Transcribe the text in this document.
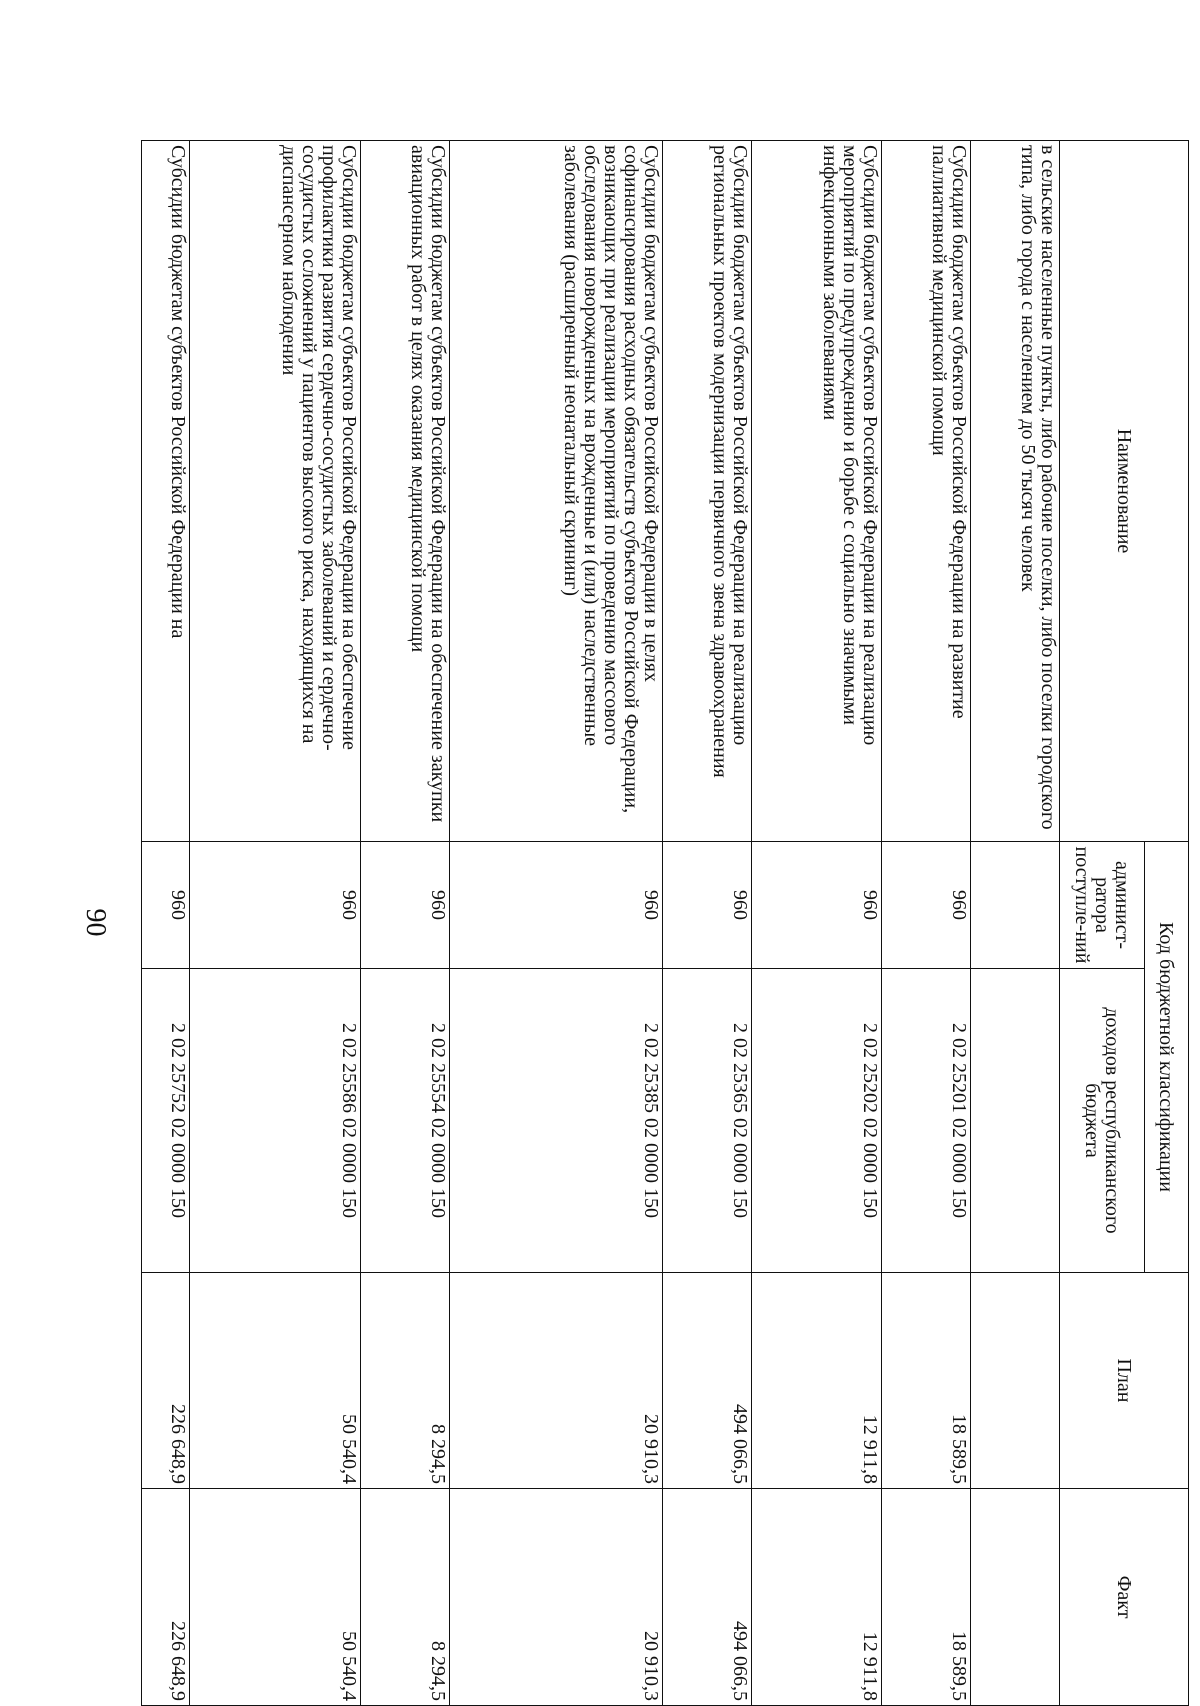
90
Наименование	Код бюджетной классификации		План	Факт
	админист-ратора поступле-ний	доходов республиканского бюджета		
в сельские населенные пункты, либо рабочие поселки, либо поселки городского типа, либо города с населением до 50 тысяч человек				
Субсидии бюджетам субъектов Российской Федерации на развитие паллиативной медицинской помощи	960	2 02 25201 02 0000 150	18 589,5	18 589,5
Субсидии бюджетам субъектов Российской Федерации на реализацию мероприятий по предупреждению и борьбе с социально значимыми инфекционными заболеваниями	960	2 02 25202 02 0000 150	12 911,8	12 911,8
Субсидии бюджетам субъектов Российской Федерации на реализацию региональных проектов модернизации первичного звена здравоохранения	960	2 02 25365 02 0000 150	494 066,5	494 066,5
Субсидии бюджетам субъектов Российской Федерации в целях софинансирования расходных обязательств субъектов Российской Федерации, возникающих при реализации мероприятий по проведению массового обследования новорожденных на врожденные и (или) наследственные заболевания (расширенный неонатальный скрининг)	960	2 02 25385 02 0000 150	20 910,3	20 910,3
Субсидии бюджетам субъектов Российской Федерации на обеспечение закупки авиационных работ в целях оказания медицинской помощи	960	2 02 25554 02 0000 150	8 294,5	8 294,5
Субсидии бюджетам субъектов Российской Федерации на обеспечение профилактики развития сердечно-сосудистых заболеваний и сердечно-сосудистых осложнений у пациентов высокого риска, находящихся на диспансерном наблюдении	960	2 02 25586 02 0000 150	50 540,4	50 540,4
Субсидии бюджетам субъектов Российской Федерации на	960	2 02 25752 02 0000 150	226 648,9	226 648,9
